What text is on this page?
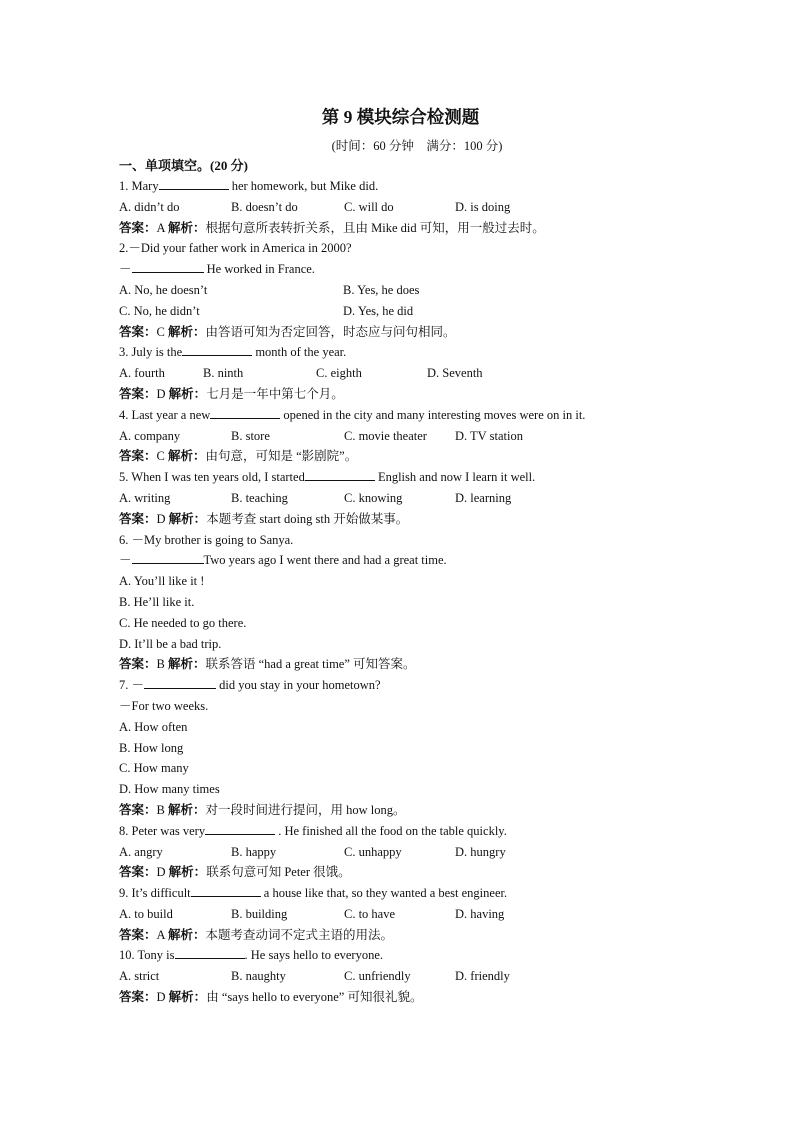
第 9 模块综合检测题
(时间：60 分钟　满分：100 分)
一、单项填空。(20 分)
1. Mary	her homework, but Mike did.
A. didn’t do	B. doesn’t do	C. will do	D. is doing
答案：A 解析：根据句意所表转折关系，且由 Mike did 可知，用一般过去时。
2.－Did your father work in America in 2000?
－	He worked in France.
A. No, he doesn’t	B. Yes, he does
C. No, he didn’t	D. Yes, he did
答案：C 解析：由答语可知为否定回答，时态应与问句相同。
3. July is the	month of the year.
A. fourth	B. ninth	C. eighth	D. Seventh
答案：D 解析：七月是一年中第七个月。
4. Last year a new	opened in the city and many interesting moves were on in it.
A. company	B. store	C. movie theater	D. TV station
答案：C 解析：由句意，可知是 “影剧院”。
5. When I was ten years old, I started	English and now I learn it well.
A. writing	B. teaching	C. knowing	D. learning
答案：D 解析：本题考查 start doing sth 开始做某事。
6. －My brother is going to Sanya.
－	Two years ago I went there and had a great time.
A. You’ll like it !
B. He’ll like it.
C. He needed to go there.
D. It’ll be a bad trip.
答案：B 解析：联系答语 “had a great time” 可知答案。
7. －	did you stay in your hometown?
－For two weeks.
A. How often
B. How long
C. How many
D. How many times
答案：B 解析：对一段时间进行提问，用 how long。
8. Peter was very	. He finished all the food on the table quickly.
A. angry	B. happy	C. unhappy	D. hungry
答案：D 解析：联系句意可知 Peter 很饿。
9. It’s difficult	a house like that, so they wanted a best engineer.
A. to build	B. building	C. to have	D. having
答案：A 解析：本题考查动词不定式主语的用法。
10. Tony is	. He says hello to everyone.
A. strict	B. naughty	C. unfriendly	D. friendly
答案：D 解析：由 “says hello to everyone” 可知很礼貌。
